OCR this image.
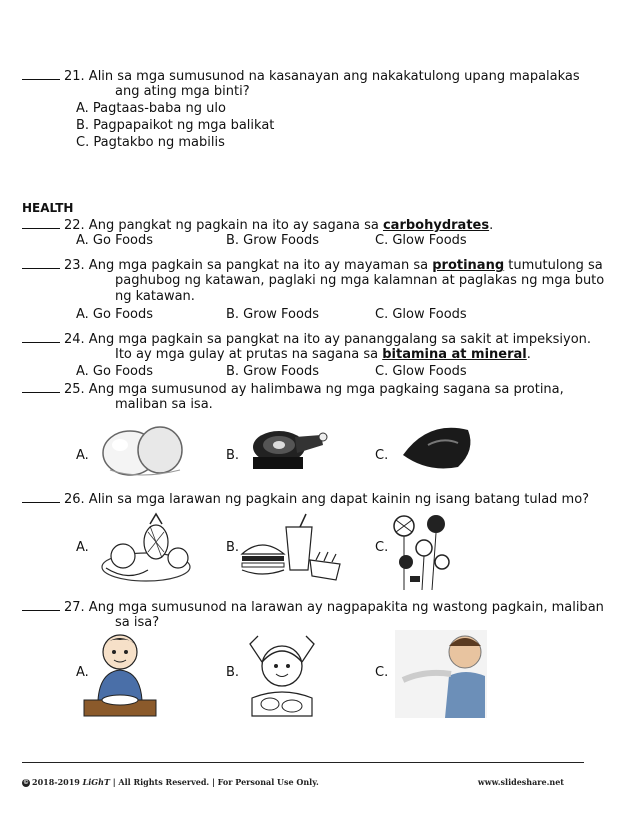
21. Alin sa mga sumusunod na kasanayan ang nakakatulong upang mapalakas
ang ating mga binti?
A. Pagtaas-baba ng ulo
B. Pagpapaikot ng mga balikat
C. Pagtakbo ng mabilis
HEALTH
22. Ang pangkat ng pagkain na ito ay sagana sa carbohydrates.
A. Go Foods	B. Grow Foods	C. Glow Foods
23. Ang mga pagkain sa pangkat na ito ay mayaman sa protinang tumutulong sa
paghubog ng katawan, paglaki ng mga kalamnan at paglakas ng mga buto
ng katawan.
A. Go Foods	B. Grow Foods	C. Glow Foods
24. Ang mga pagkain sa pangkat na ito ay pananggalang sa sakit at impeksiyon.
Ito ay mga gulay at prutas na sagana sa bitamina at mineral.
A. Go Foods	B. Grow Foods	C. Glow Foods
25. Ang mga sumusunod ay halimbawa ng mga pagkaing sagana sa protina,
maliban sa isa.
A.	B.	C.
26. Alin sa mga larawan ng pagkain ang dapat kainin ng isang batang tulad mo?
A.	B.	C.
27. Ang mga sumusunod na larawan ay nagpapakita ng wastong pagkain, maliban
sa isa?
A.	B.	C.
© 2018-2019 LiGhT | All Rights Reserved. | For Personal Use Only.	www.slideshare.net
